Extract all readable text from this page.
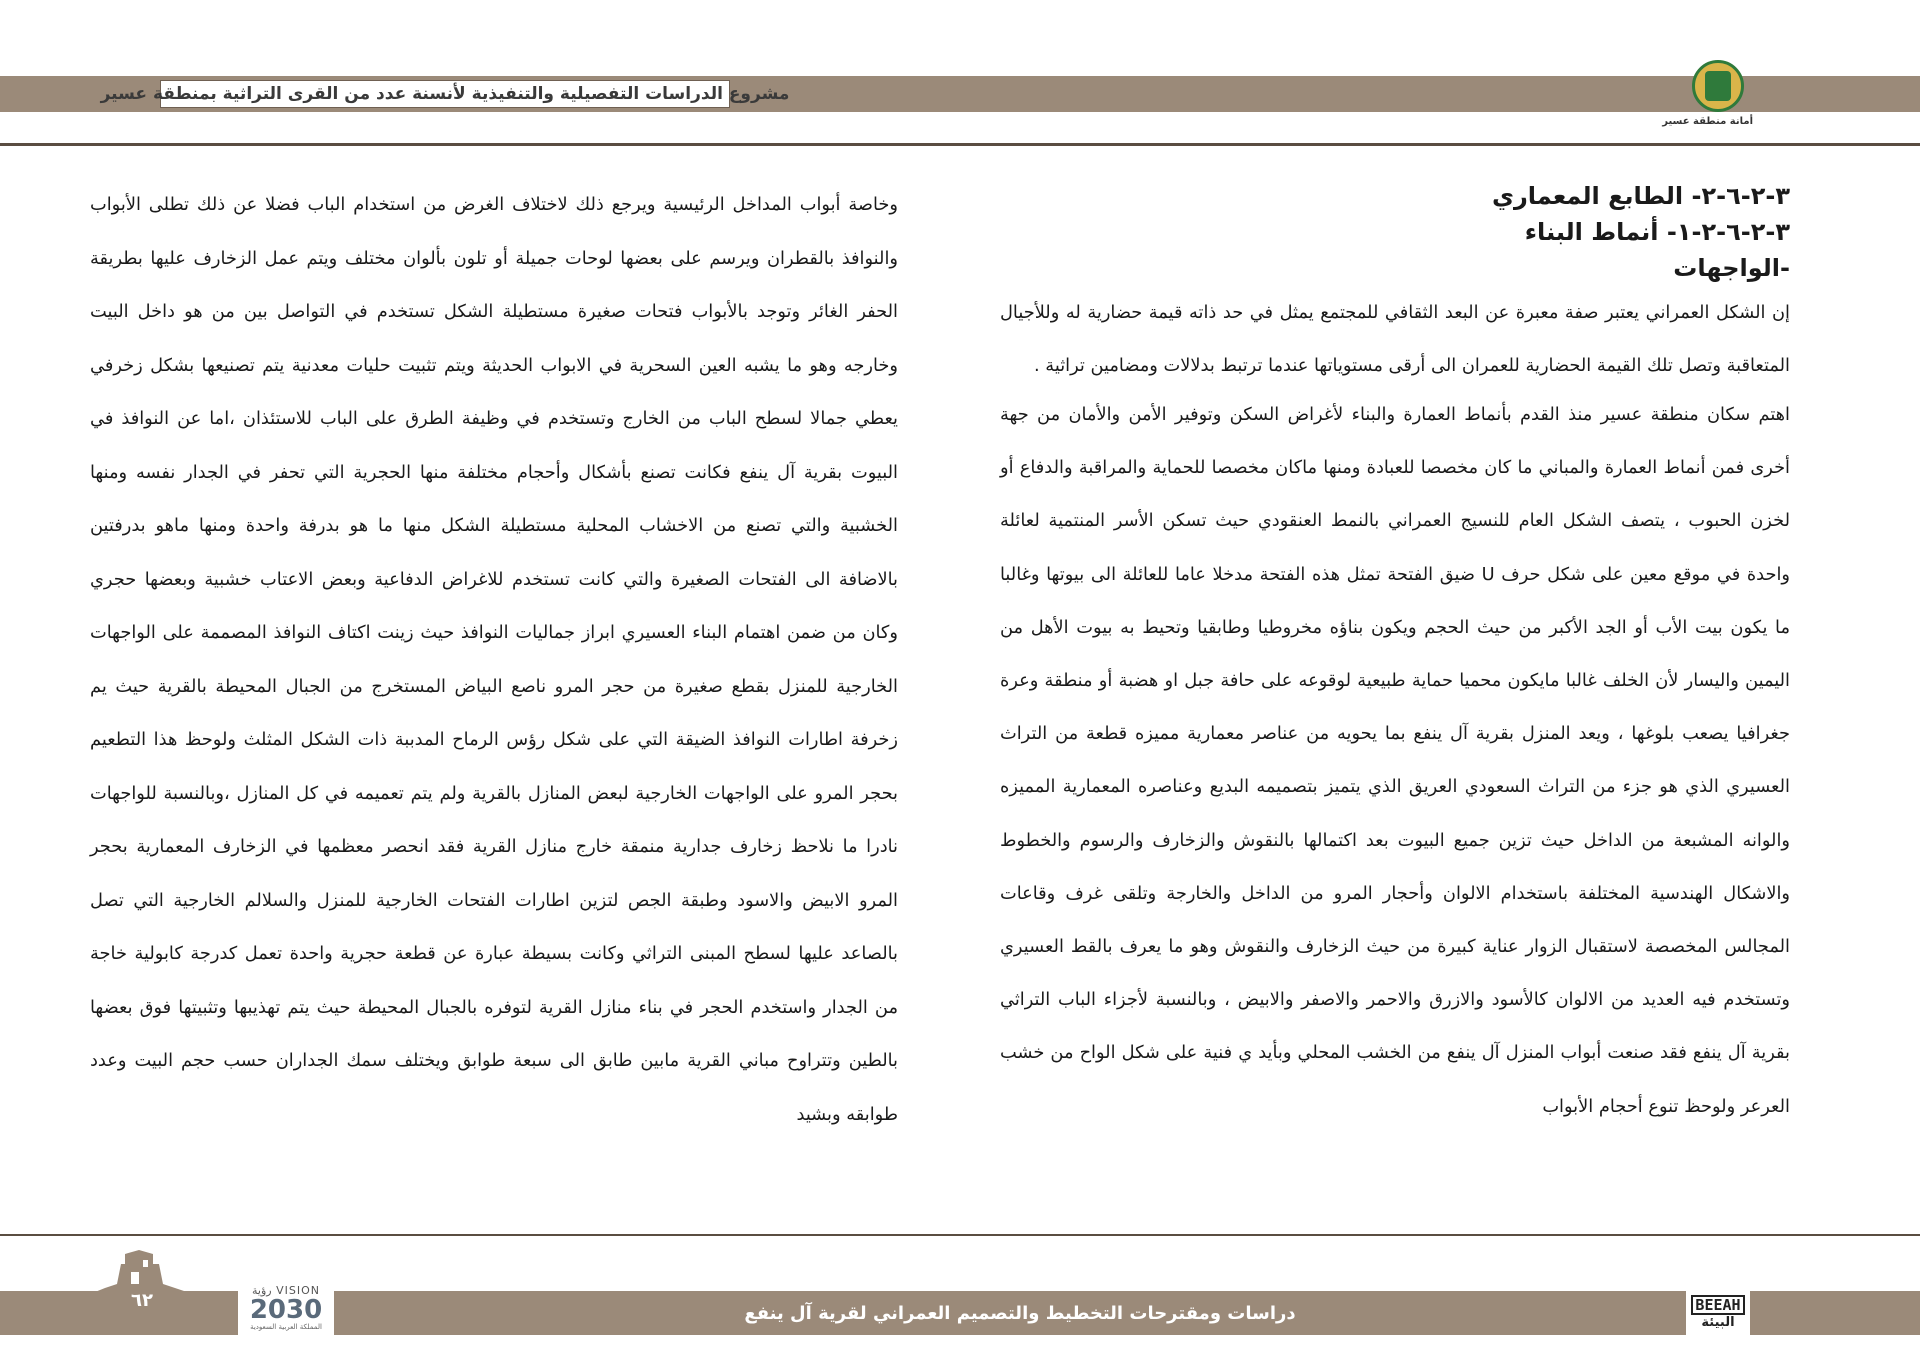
مشروع الدراسات التفصيلية والتنفيذية لأنسنة عدد من القرى التراثية بمنطقة عسير
أمانة منطقة عسير

٣-٢-٦-٢- الطابع المعماري

٣-٢-٦-٢-١- أنماط البناء

-الواجهات

إن الشكل العمراني يعتبر صفة معبرة عن البعد الثقافي للمجتمع يمثل في حد ذاته قيمة حضارية له وللأجيال المتعاقبة وتصل تلك القيمة الحضارية للعمران الى أرقى مستوياتها عندما ترتبط بدلالات ومضامين تراثية .

اهتم سكان منطقة عسير منذ القدم بأنماط العمارة والبناء لأغراض السكن وتوفير الأمن والأمان من جهة أخرى فمن أنماط العمارة والمباني ما كان مخصصا للعبادة ومنها ماكان مخصصا للحماية والمراقبة والدفاع أو لخزن الحبوب ، يتصف الشكل العام للنسيج العمراني بالنمط العنقودي حيث تسكن الأسر المنتمية لعائلة واحدة في موقع معين على شكل حرف U ضيق الفتحة تمثل هذه الفتحة مدخلا عاما للعائلة الى بيوتها وغالبا ما يكون بيت الأب أو الجد الأكبر من حيث الحجم ويكون بناؤه مخروطيا وطابقيا وتحيط به بيوت الأهل من اليمين واليسار لأن الخلف غالبا مايكون محميا حماية طبيعية لوقوعه على حافة جبل او هضبة أو منطقة وعرة جغرافيا يصعب بلوغها ، ويعد المنزل بقرية آل ينفع بما يحويه من عناصر معمارية مميزه قطعة من التراث العسيري الذي هو جزء من التراث السعودي العريق الذي يتميز بتصميمه البديع وعناصره المعمارية المميزه والوانه المشبعة من الداخل حيث تزين جميع البيوت بعد اكتمالها بالنقوش والزخارف والرسوم والخطوط والاشكال الهندسية المختلفة باستخدام الالوان وأحجار المرو من الداخل والخارجة وتلقى غرف وقاعات المجالس المخصصة لاستقبال الزوار عناية كبيرة من حيث الزخارف والنقوش وهو ما يعرف بالقط العسيري وتستخدم فيه العديد من الالوان كالأسود والازرق والاحمر والاصفر والابيض ، وبالنسبة لأجزاء الباب التراثي بقرية آل ينفع فقد صنعت أبواب المنزل آل ينفع من الخشب المحلي وبأيد ي فنية على شكل الواح من خشب العرعر ولوحظ تنوع أحجام الأبواب

وخاصة أبواب المداخل الرئيسية ويرجع ذلك لاختلاف الغرض من استخدام الباب فضلا عن ذلك تطلى الأبواب والنوافذ بالقطران ويرسم على بعضها لوحات جميلة أو تلون بألوان مختلف ويتم عمل الزخارف عليها بطريقة الحفر الغائر وتوجد بالأبواب فتحات صغيرة مستطيلة الشكل تستخدم في التواصل بين من هو داخل البيت وخارجه وهو ما يشبه العين السحرية في الابواب الحديثة ويتم تثبيت حليات معدنية يتم تصنيعها بشكل زخرفي يعطي جمالا لسطح الباب من الخارج وتستخدم في وظيفة الطرق على الباب للاستئذان ،اما عن النوافذ في البيوت بقرية آل ينفع فكانت تصنع بأشكال وأحجام مختلفة منها الحجرية التي تحفر في الجدار نفسه ومنها الخشبية والتي تصنع من الاخشاب المحلية مستطيلة الشكل منها ما هو بدرفة واحدة ومنها ماهو بدرفتين بالاضافة الى الفتحات الصغيرة والتي كانت تستخدم للاغراض الدفاعية وبعض الاعتاب خشبية وبعضها حجري وكان من ضمن اهتمام البناء العسيري ابراز جماليات النوافذ حيث زينت اكتاف النوافذ المصممة على الواجهات الخارجية للمنزل بقطع صغيرة من حجر المرو ناصع البياض المستخرج من الجبال المحيطة بالقرية حيث يم زخرفة اطارات النوافذ الضيقة التي على شكل رؤس الرماح المدببة ذات الشكل المثلث ولوحظ هذا التطعيم بحجر المرو على الواجهات الخارجية لبعض المنازل بالقرية ولم يتم تعميمه في كل المنازل ،وبالنسبة للواجهات نادرا ما نلاحظ زخارف جدارية منمقة خارج منازل القرية فقد انحصر معظمها في الزخارف المعمارية بحجر المرو الابيض والاسود وطبقة الجص لتزين اطارات الفتحات الخارجية للمنزل والسلالم الخارجية التي تصل بالصاعد عليها لسطح المبنى التراثي وكانت بسيطة عبارة عن قطعة حجرية واحدة تعمل كدرجة كابولية خاجة من الجدار واستخدم الحجر في بناء منازل القرية لتوفره بالجبال المحيطة حيث يتم تهذيبها وتثبيتها فوق بعضها بالطين وتتراوح مباني القرية مابين طابق الى سبعة طوابق ويختلف سمك الجداران حسب حجم البيت وعدد طوابقه وبشيد

٦٢	VISION رؤية
2030
المملكة العربية السعودية
دراسات ومقترحات التخطيط والتصميم العمراني لقرية آل ينفع	BEEAH
البيئة
